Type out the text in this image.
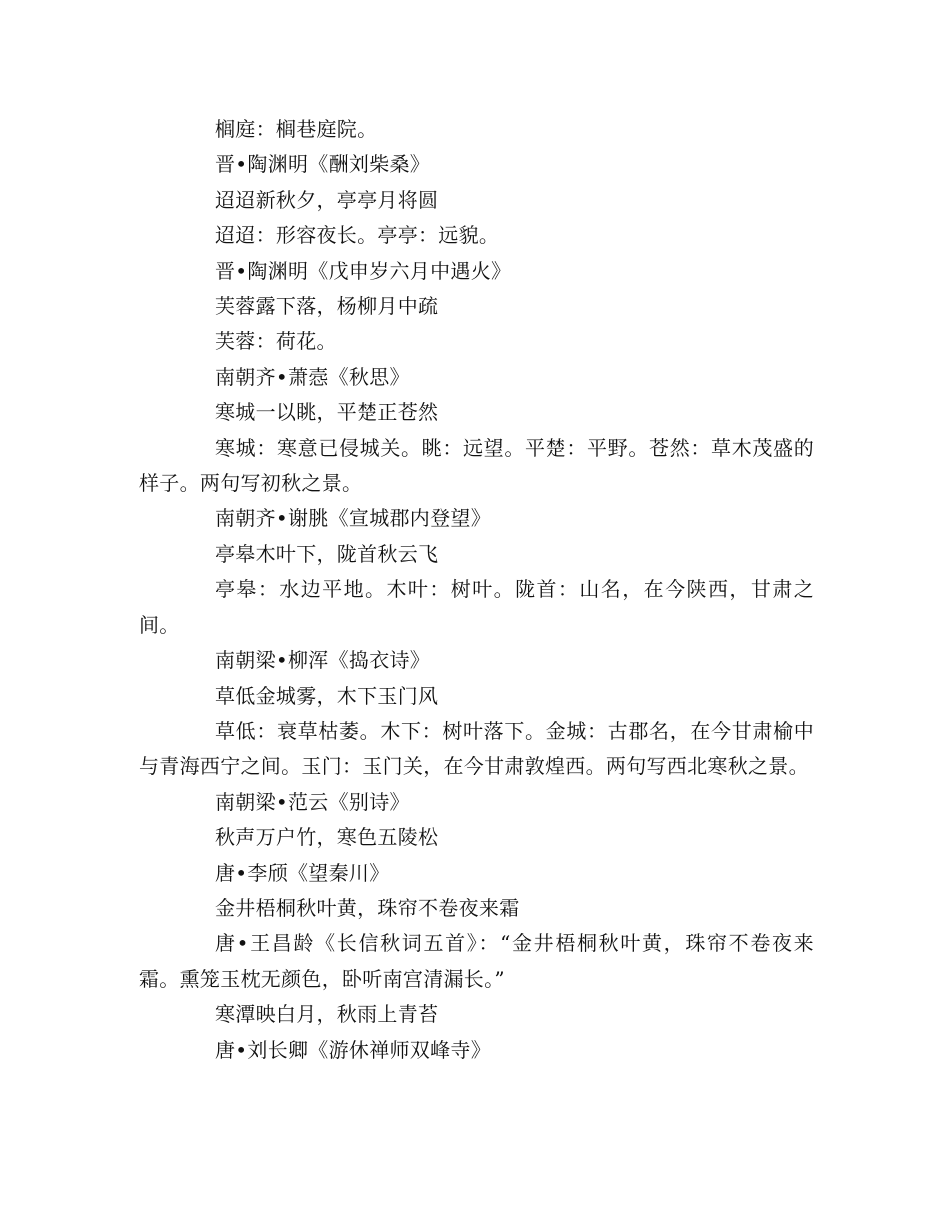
榈庭：榈巷庭院。

晋•陶渊明《酬刘柴桑》

迢迢新秋夕，亭亭月将圆

迢迢：形容夜长。亭亭：远貌。

晋•陶渊明《戊申岁六月中遇火》

芙蓉露下落，杨柳月中疏

芙蓉：荷花。

南朝齐•萧悫《秋思》

寒城一以眺，平楚正苍然

寒城：寒意已侵城关。眺：远望。平楚：平野。苍然：草木茂盛的样子。两句写初秋之景。

南朝齐•谢朓《宣城郡内登望》

亭皋木叶下，陇首秋云飞

亭皋：水边平地。木叶：树叶。陇首：山名，在今陕西，甘肃之间。

南朝梁•柳浑《捣衣诗》

草低金城雾，木下玉门风

草低：衰草枯萎。木下：树叶落下。金城：古郡名，在今甘肃榆中与青海西宁之间。玉门：玉门关，在今甘肃敦煌西。两句写西北寒秋之景。

南朝梁•范云《别诗》

秋声万户竹，寒色五陵松

唐•李颀《望秦川》

金井梧桐秋叶黄，珠帘不卷夜来霜

唐•王昌龄《长信秋词五首》：“金井梧桐秋叶黄，珠帘不卷夜来霜。熏笼玉枕无颜色，卧听南宫清漏长。”

寒潭映白月，秋雨上青苔

唐•刘长卿《游休禅师双峰寺》
